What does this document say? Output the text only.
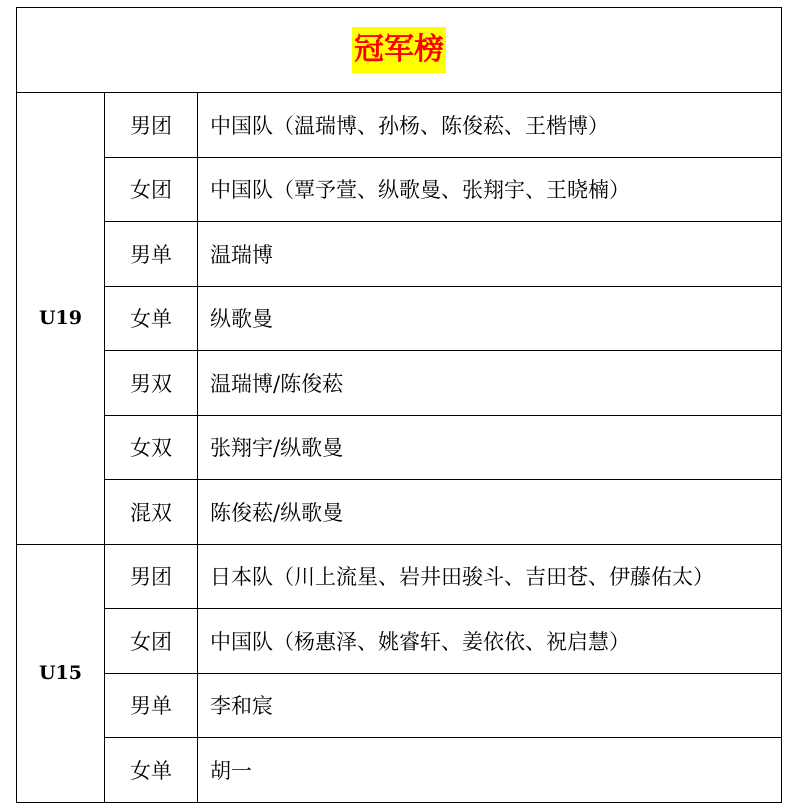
冠军榜		
U19	男团	中国队（温瑞博、孙杨、陈俊菘、王楷博）
	女团	中国队（覃予萱、纵歌曼、张翔宇、王晓楠）
	男单	温瑞博
	女单	纵歌曼
	男双	温瑞博/陈俊菘
	女双	张翔宇/纵歌曼
	混双	陈俊菘/纵歌曼
U15	男团	日本队（川上流星、岩井田骏斗、吉田苍、伊藤佑太）
	女团	中国队（杨惠泽、姚睿轩、姜依依、祝启慧）
	男单	李和宸
	女单	胡一
